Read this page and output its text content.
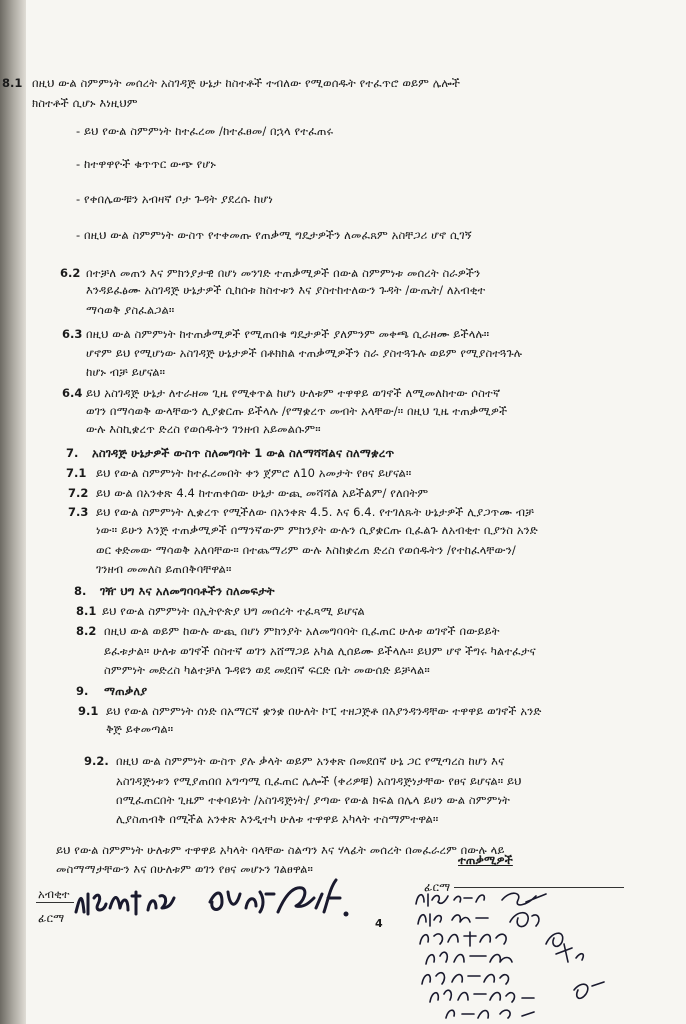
8.1 በዚህ ውል ስምምነት መሰረት አስገዳጅ ሁኔታ ከስተቶች ተብለው የሚወሰዱት የተፈጥሮ ወይም ሌሎች
ክስተቶች ሲሆኑ እነዚህም
- ይህ የውል ስምምነት ከተፈረመ /ከተፈፀመ/ በኋላ የተፈጠሩ
- ከተዋዋዮች ቁጥጥር ውጭ የሆኑ
- የቀበሌውቹን አብዛኛ ቦታ ጉዳት ያደረሱ ከሆነ
- በዚህ ውል ስምምነት ውስጥ የተቀመጡ የጠቃሚ ግዴታዎችን ለመፈጸም አስቸጋሪ ሆኖ ሲገኝ
6.2 በተቻለ መጠን እና ምክንያታዊ በሆነ መንገድ ተጠቃሚዎች በውል ስምምነቱ መሰረት ስራዎችን
እንዳይፈፅሙ አስገዳጅ ሁኔታዎች ሲከሰቱ ክስተቱን እና ያስተከተለውን ጉዳት /ውጤት/ ለአብቂተ
ማሳወቅ ያስፈልጋል።
6.3 በዚህ ውል ስምምነት ከተጠቃሚዎች የሚጠበቁ ግዴታዎች ያለምንም መቀጫ ሲራዘሙ ይችላሉ።
ሆኖም ይህ የሚሆነው አስገዳጅ ሁኔታዎች በቶክክል ተጠቃሚዎችን ስራ ያስተጓጉሉ ወይም የሚያስተጓጉሉ
ከሆኑ ብቻ ይሆናል።
6.4 ይህ አስገዳጅ ሁኔታ ለተራዘመ ጊዜ የሚቀጥል ከሆነ ሁለቱም ተዋዋይ ወገኖች ለሚመለከተው ሶስተኛ
ወገን በማሳወቅ ውላቸውን ሊያቋርጡ ይችላሉ /የማቋረጥ መብት አላቸው/። በዚህ ጊዜ ተጠቃሚዎች
ውሉ እስኪቋረጥ ድረስ የወሰዱትን ገንዘብ አይመልሱም።
7. አስገዳጅ ሁኔታዎች ውስጥ ስለመግባት 1 ውል ስለማሻሻልና ስለማቋረጥ
7.1 ይህ የውል ስምምነት ከተፈረመበት ቀን ጀምሮ ለ10 አመታት የፀና ይሆናል።
7.2 ይህ ውል በአንቀጽ 4.4 ከተጠቀሰው ሁኔታ ውጪ መሻሻል አይችልም/ የለበትም
7.3 ይህ የውል ስምምነት ሊቋረጥ የሚችለው በአንቀጽ 4.5. እና 6.4. የተገለጹት ሁኔታዎች ሊያጋጥሙ ብቻ
ነው። ይሁን እንጅ ተጠቃሚዎች በማንኛውም ምክንያት ውሉን ሲያቋርጡ ቢፈልጉ ለአብቂተ ቢያንስ አንድ
ወር ቀድመው ማሳወቅ አለባቸው። በተጨማሪም ውሉ እስከቋረጠ ድረስ የወሰዱትን /የተከፈላቸውን/
ገንዘብ መመለስ ይጠበቅባቸዋል።
8. ገዥ ህግ እና አለመግባባቶችን ስለመፍታት
8.1 ይህ የውል ስምምነት በኢትዮጵያ ህግ መሰረት ተፈጻሚ ይሆናል
8.2 በዚህ ውል ወይም ከውሉ ውጪ በሆነ ምክንያት አለመግባባት ቢፈጠር ሁለቱ ወገኖች በውይይት
ይፈቱታል። ሁለቱ ወገኖች ሰስተኛ ወገን አሸማጋይ አካል ሊሰይሙ ይችላሉ። ይህም ሆኖ ችግሩ ካልተፈታና
ስምምነት መድረስ ካልተቻለ ጉዳዩን ወደ መደበኛ ፍርድ ቤት መውሰድ ይቻላል።
9. ማጠቃለያ
9.1 ይህ የውል ስምምነት ሰነድ በአማርኛ ቋንቋ በሁለት ኮፒ ተዘጋጅቶ በእያንዳንዳቸው ተዋዋይ ወገኖች አንድ
ቅጅ ይቀመጣል።
9.2. በዚህ ውል ስምምነት ውስጥ ያሉ ቃላት ወይም አንቀጽ በመደበኛ ሁኔ ጋር የሚጣረስ ከሆነ እና
አስገዳጅነቱን የሚያጠበበ አግጣሚ ቢፈጠር ሌሎች (ቀሪዎቹ) አስገዳጅነታቸው የፀና ይሆናል። ይህ
በሚፈጠርበት ጊዜም ተቀባይነት /አስገዳጅነት/ ያጣው የውል ክፍል በሌላ ይሀን ውል ስምምነት
ሊያስጠብቅ በሚችል አንቀጽ እንዲተካ ሁለቱ ተዋዋይ አካላት ተስማምተዋል።
ይህ የውል ስምምነት ሁለቱም ተዋዋይ አካላት ባላቸው ስልጣን እና ሃላፊት መሰረት በመፈራረም በውሉ ላይ
መስማማታቸውን እና በሁለቱም ወገን የፀና መሆኑን ገልፀዋል።
ተጠቃሚዎች
አብቂተ
ፊርማ	4
ፊርማ
